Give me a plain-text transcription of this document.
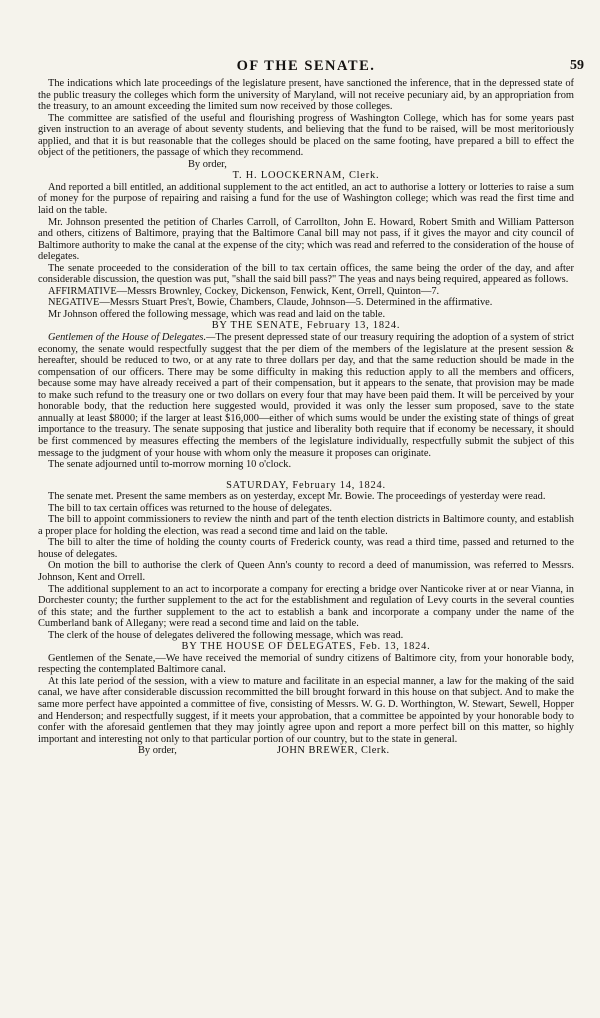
OF THE SENATE.	59

The indications which late proceedings of the legislature present, have sanctioned the inference, that in the depressed state of the public treasury the colleges which form the university of Maryland, will not receive pecuniary aid, by an appropriation from the treasury, to an amount exceeding the limited sum now received by those colleges.

The committee are satisfied of the useful and flourishing progress of Washington College, which has for some years past given instruction to an average of about seventy students, and believing that the fund to be raised, will be most meritoriously applied, and that it is but reasonable that the colleges should be placed on the same footing, have prepared a bill to effect the object of the petitioners, the passage of which they recommend.

By order,

T. H. LOOCKERNAM, Clerk.

And reported a bill entitled, an additional supplement to the act entitled, an act to authorise a lottery or lotteries to raise a sum of money for the purpose of repairing and raising a fund for the use of Washington college; which was read the first time and laid on the table.

Mr. Johnson presented the petition of Charles Carroll, of Carrollton, John E. Howard, Robert Smith and William Patterson and others, citizens of Baltimore, praying that the Baltimore Canal bill may not pass, if it gives the mayor and city council of Baltimore authority to make the canal at the expense of the city; which was read and referred to the consideration of the house of delegates.

The senate proceeded to the consideration of the bill to tax certain offices, the same being the order of the day, and after considerable discussion, the question was put, "shall the said bill pass?" The yeas and nays being required, appeared as follows.

AFFIRMATIVE—Messrs Brownley, Cockey, Dickenson, Fenwick, Kent, Orrell, Quinton—7.

NEGATIVE—Messrs Stuart Pres't, Bowie, Chambers, Claude, Johnson—5. Determined in the affirmative.

Mr Johnson offered the following message, which was read and laid on the table.

BY THE SENATE, February 13, 1824.

Gentlemen of the House of Delegates.—The present depressed state of our treasury requiring the adoption of a system of strict economy, the senate would respectfully suggest that the per diem of the members of the legislature at the present session & hereafter, should be reduced to two, or at any rate to three dollars per day, and that the same reduction should be made in the compensation of our officers. There may be some difficulty in making this reduction apply to all the members and officers, because some may have already received a part of their compensation, but it appears to the senate, that provision may be made to make such refund to the treasury one or two dollars on every four that may have been paid them. It will be perceived by your honorable body, that the reduction here suggested would, provided it was only the lesser sum proposed, save to the state annually at least $8000; if the larger at least $16,000—either of which sums would be under the existing state of things of great importance to the treasury. The senate supposing that justice and liberality both require that if economy be necessary, it should be first commenced by measures effecting the members of the legislature individually, respectfully submit the subject of this message to the judgment of your house with whom only the measure it proposes can originate.

The senate adjourned until to-morrow morning 10 o'clock.

SATURDAY, February 14, 1824.

The senate met. Present the same members as on yesterday, except Mr. Bowie. The proceedings of yesterday were read.

The bill to tax certain offices was returned to the house of delegates.

The bill to appoint commissioners to review the ninth and part of the tenth election districts in Baltimore county, and establish a proper place for holding the election, was read a second time and laid on the table.

The bill to alter the time of holding the county courts of Frederick county, was read a third time, passed and returned to the house of delegates.

On motion the bill to authorise the clerk of Queen Ann's county to record a deed of manumission, was referred to Messrs. Johnson, Kent and Orrell.

The additional supplement to an act to incorporate a company for erecting a bridge over Nanticoke river at or near Vianna, in Dorchester county; the further supplement to the act for the establishment and regulation of Levy courts in the several counties of this state; and the further supplement to the act to establish a bank and incorporate a company under the name of the Cumberland bank of Allegany; were read a second time and laid on the table.

The clerk of the house of delegates delivered the following message, which was read.

BY THE HOUSE OF DELEGATES, Feb. 13, 1824.

Gentlemen of the Senate,—We have received the memorial of sundry citizens of Baltimore city, from your honorable body, respecting the contemplated Baltimore canal.

At this late period of the session, with a view to mature and facilitate in an especial manner, a law for the making of the said canal, we have after considerable discussion recommitted the bill brought forward in this house on that subject. And to make the same more perfect have appointed a committee of five, consisting of Messrs. W. G. D. Worthington, W. Stewart, Sewell, Hopper and Henderson; and respectfully suggest, if it meets your approbation, that a committee be appointed by your honorable body to confer with the aforesaid gentlemen that they may jointly agree upon and report a more perfect bill on this matter, so highly important and interesting not only to that particular portion of our country, but to the state in general.

By order,	JOHN BREWER, Clerk.
